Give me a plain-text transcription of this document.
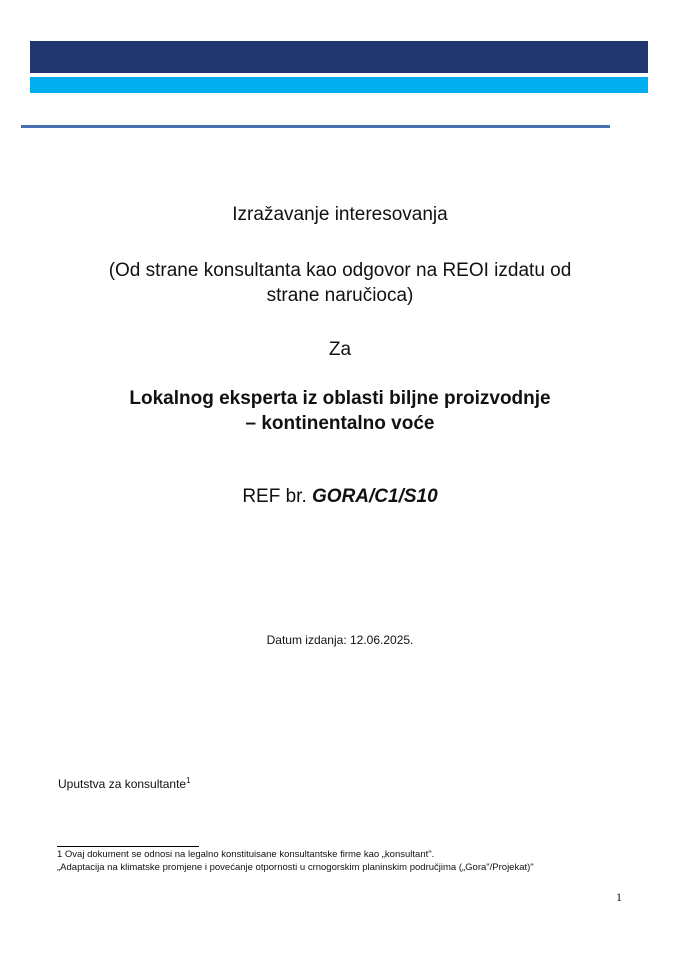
Izražavanje interesovanja
(Od strane konsultanta kao odgovor na REOI izdatu od
strane naručioca)
Za
Lokalnog eksperta iz oblasti biljne proizvodnje
– kontinentalno voće
REF br. GORA/C1/S10
Datum izdanja: 12.06.2025.
Uputstva za konsultante$^1$
1 Ovaj dokument se odnosi na legalno konstituisane konsultantske firme kao „konsultant".
„Adaptacija na klimatske promjene i povećanje otpornosti u crnogorskim planinskim područjima („Gora"/Projekat)"
1
